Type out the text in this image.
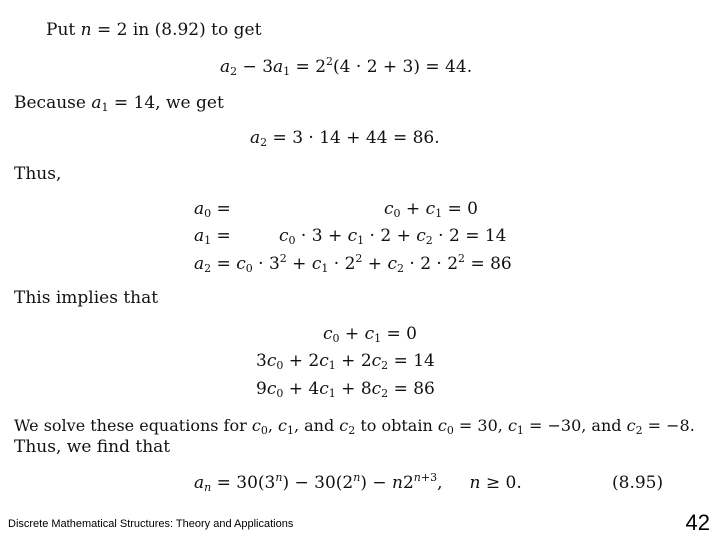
Put n = 2 in (8.92) to get
$a_2 - 3a_1 = 2^2(4 \cdot 2 + 3) = 44$.
Because $a_1 = 14$, we get
$a_2 = 3 \cdot 14 + 44 = 86$.
Thus,
$a_0$ =	$c_0 + c_1 = 0$
$a_1$ =	$c_0 \cdot 3 + c_1 \cdot 2 + c_2 \cdot 2 = 14$
$a_2 = c_0 \cdot 3^2 + c_1 \cdot 2^2 + c_2 \cdot 2 \cdot 2^2 = 86$
This implies that
$c_0 + c_1 = 0$
$3c_0 + 2c_1 + 2c_2 = 14$
$9c_0 + 4c_1 + 8c_2 = 86$
We solve these equations for $c_0$, $c_1$, and $c_2$ to obtain $c_0 = 30$, $c_1 = -30$, and $c_2 = -8$.
Thus, we find that
$a_n = 30(3^n) - 30(2^n) - n2^{n+3}$,     n ≥ 0.	(8.95)
Discrete Mathematical Structures: Theory and Applications	42
